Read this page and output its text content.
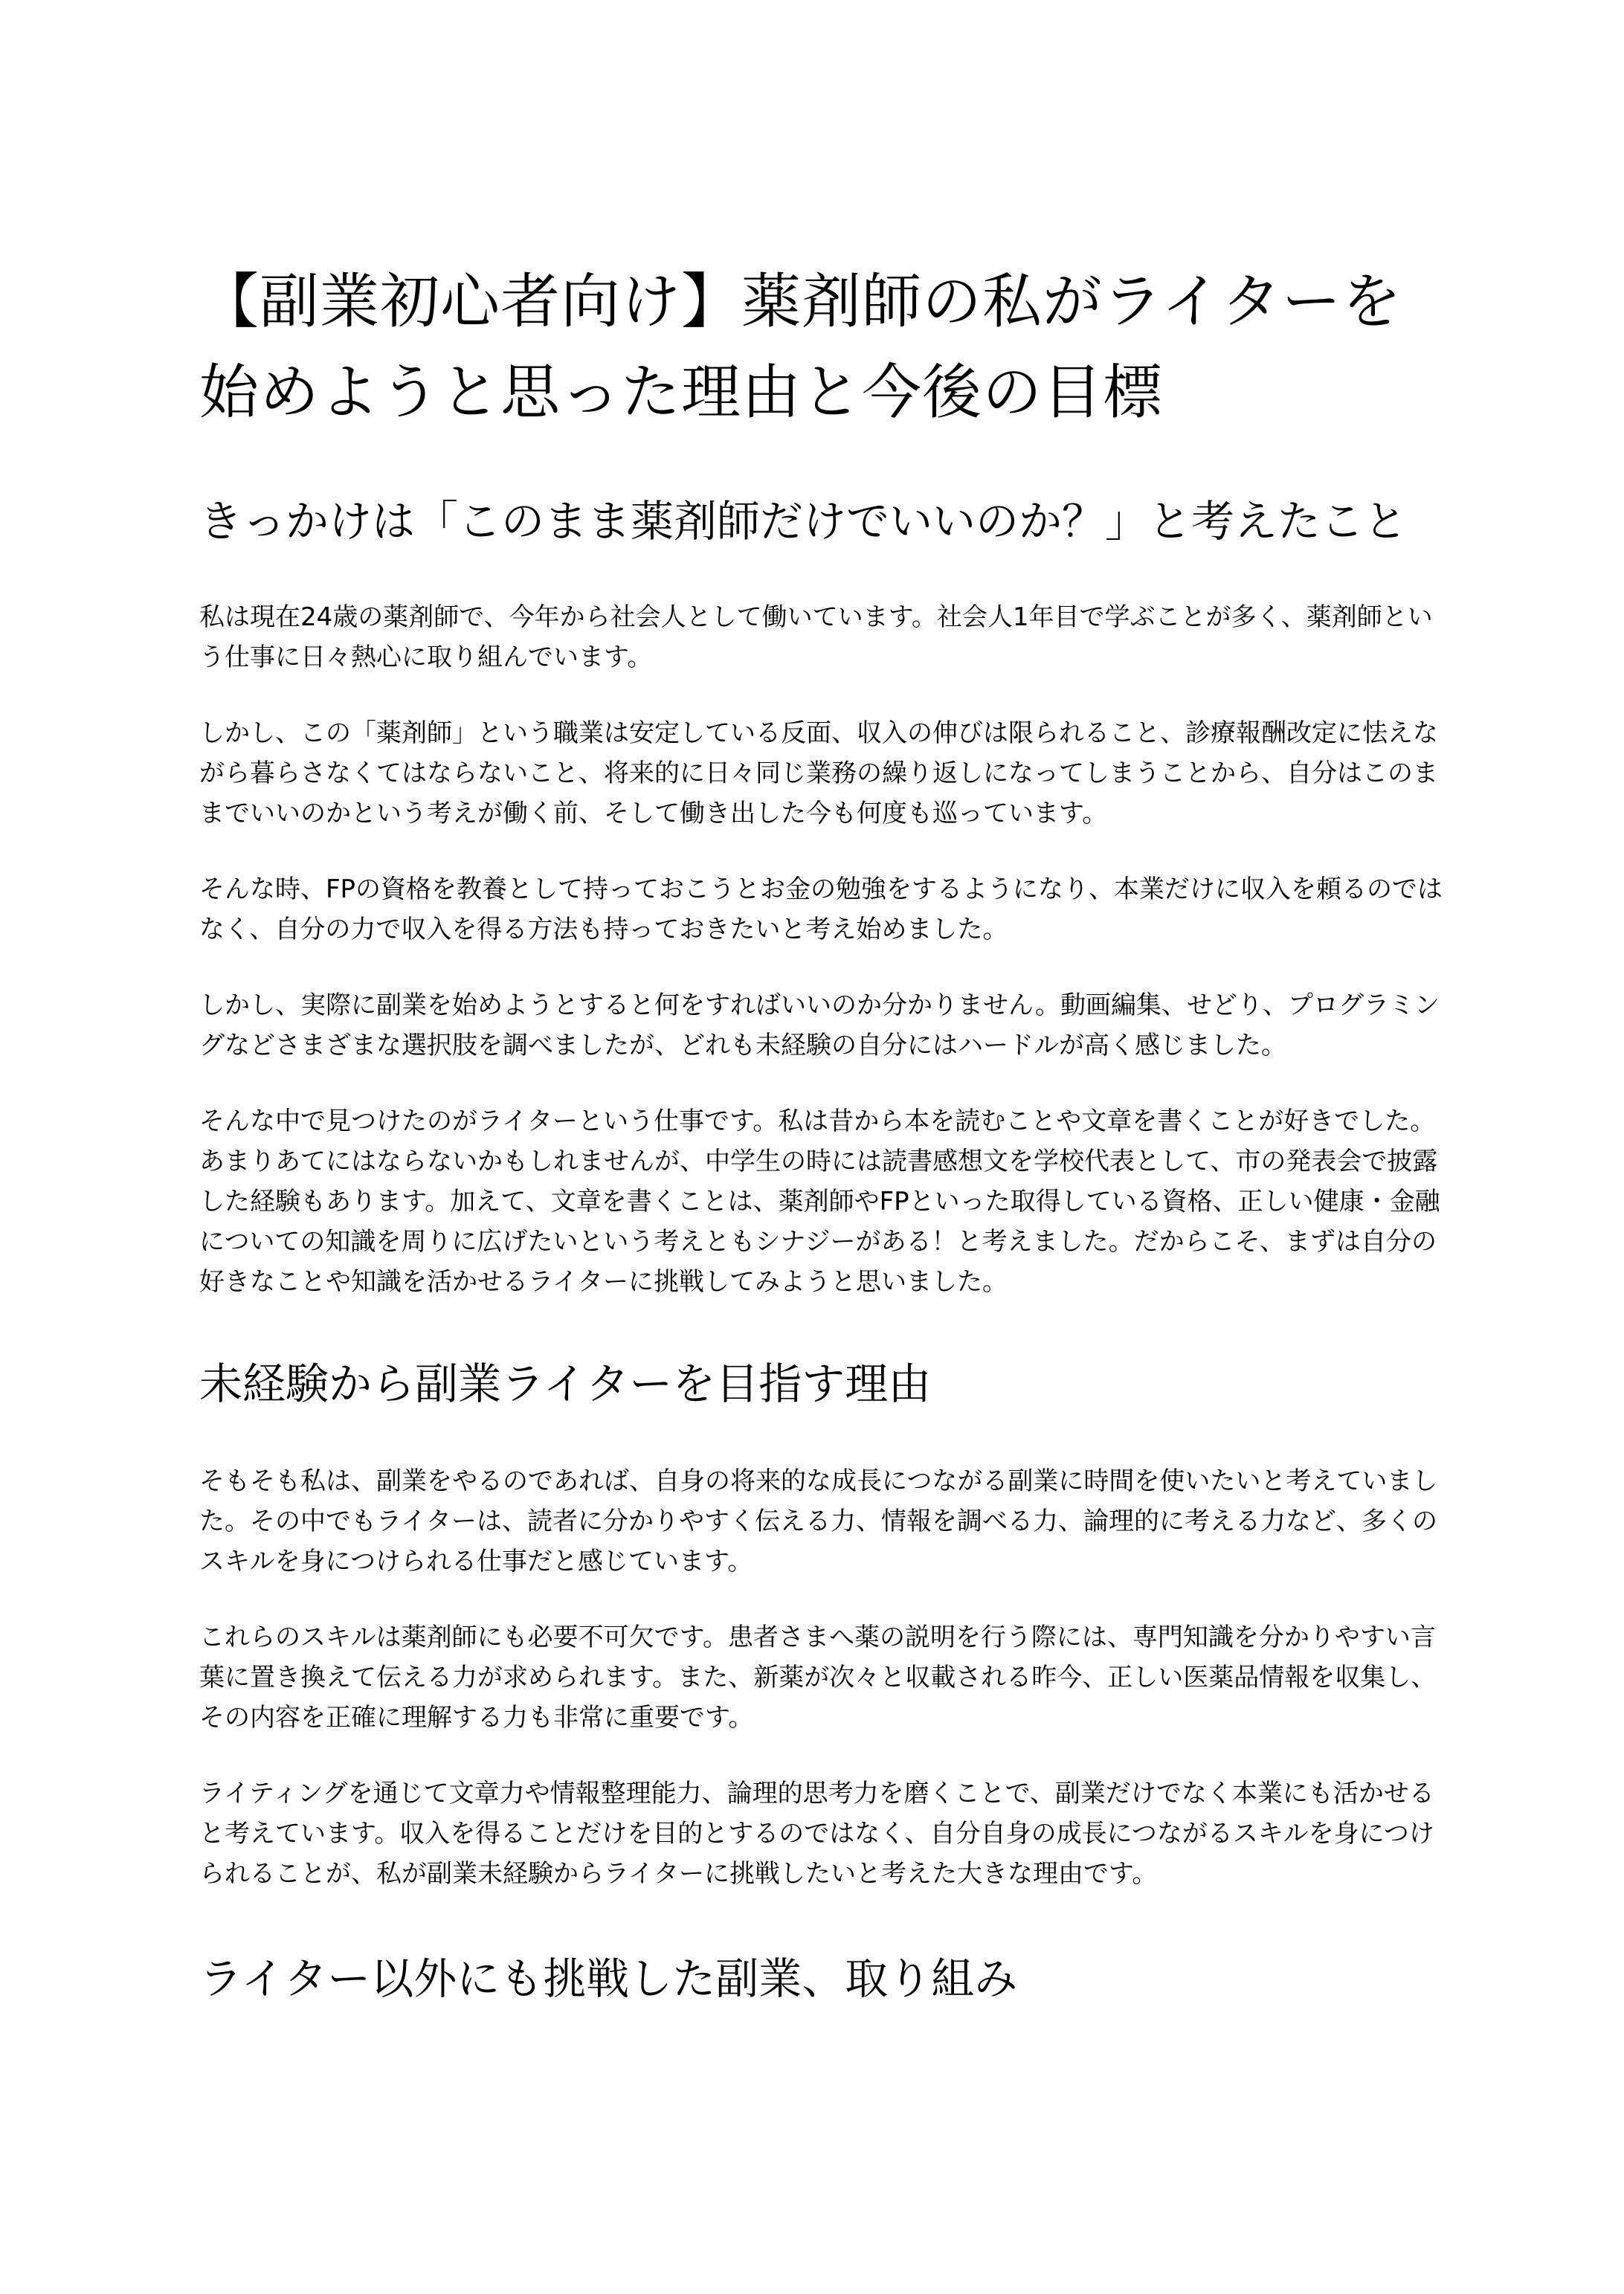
【副業初心者向け】薬剤師の私がライターを始めようと思った理由と今後の目標
きっかけは「このまま薬剤師だけでいいのか？」と考えたこと

私は現在24歳の薬剤師で、今年から社会人として働いています。社会人1年目で学ぶことが多く、薬剤師という仕事に日々熱心に取り組んでいます。

しかし、この「薬剤師」という職業は安定している反面、収入の伸びは限られること、診療報酬改定に怯えながら暮らさなくてはならないこと、将来的に日々同じ業務の繰り返しになってしまうことから、自分はこのままでいいのかという考えが働く前、そして働き出した今も何度も巡っています。

そんな時、FPの資格を教養として持っておこうとお金の勉強をするようになり、本業だけに収入を頼るのではなく、自分の力で収入を得る方法も持っておきたいと考え始めました。

しかし、実際に副業を始めようとすると何をすればいいのか分かりません。動画編集、せどり、プログラミングなどさまざまな選択肢を調べましたが、どれも未経験の自分にはハードルが高く感じました。

そんな中で見つけたのがライターという仕事です。私は昔から本を読むことや文章を書くことが好きでした。あまりあてにはならないかもしれませんが、中学生の時には読書感想文を学校代表として、市の発表会で披露した経験もあります。加えて、文章を書くことは、薬剤師やFPといった取得している資格、正しい健康・金融についての知識を周りに広げたいという考えともシナジーがある！と考えました。だからこそ、まずは自分の好きなことや知識を活かせるライターに挑戦してみようと思いました。

未経験から副業ライターを目指す理由

そもそも私は、副業をやるのであれば、自身の将来的な成長につながる副業に時間を使いたいと考えていました。その中でもライターは、読者に分かりやすく伝える力、情報を調べる力、論理的に考える力など、多くのスキルを身につけられる仕事だと感じています。

これらのスキルは薬剤師にも必要不可欠です。患者さまへ薬の説明を行う際には、専門知識を分かりやすい言葉に置き換えて伝える力が求められます。また、新薬が次々と収載される昨今、正しい医薬品情報を収集し、その内容を正確に理解する力も非常に重要です。

ライティングを通じて文章力や情報整理能力、論理的思考力を磨くことで、副業だけでなく本業にも活かせると考えています。収入を得ることだけを目的とするのではなく、自分自身の成長につながるスキルを身につけられることが、私が副業未経験からライターに挑戦したいと考えた大きな理由です。

ライター以外にも挑戦した副業、取り組み
